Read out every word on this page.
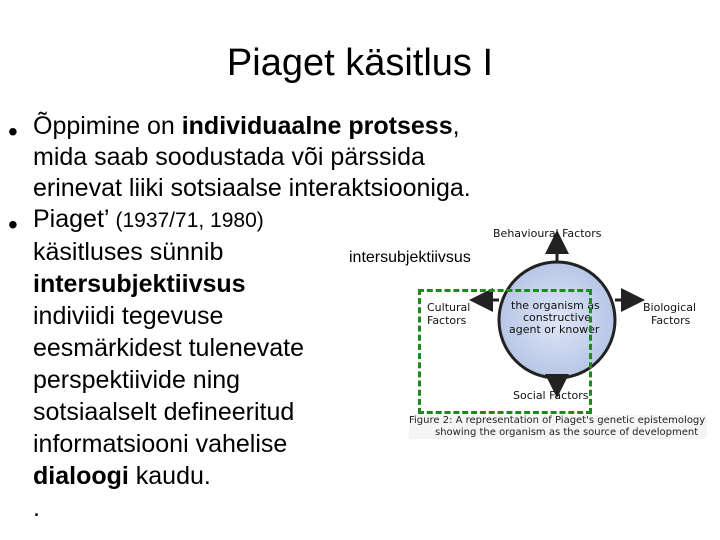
Piaget käsitlus I
• Õppimine on individuaalne protsess,
mida saab soodustada või pärssida
erinevat liiki sotsiaalse interaktsiooniga.
• Piaget’ (1937/71, 1980)
käsitluses sünnib
intersubjektiivsus
indiviidi tegevuse
eesmärkidest tulenevate
perspektiivide ning
sotsiaalselt defineeritud
informatsiooni vahelise
dialoogi kaudu.
.
Behavioural Factors
Cultural
Factors
the organism as
constructive
agent or knower
Biological
Factors
Social Factors
Figure 2: A representation of Piaget's genetic epistemology
showing the organism as the source of development
intersubjektiivsus
